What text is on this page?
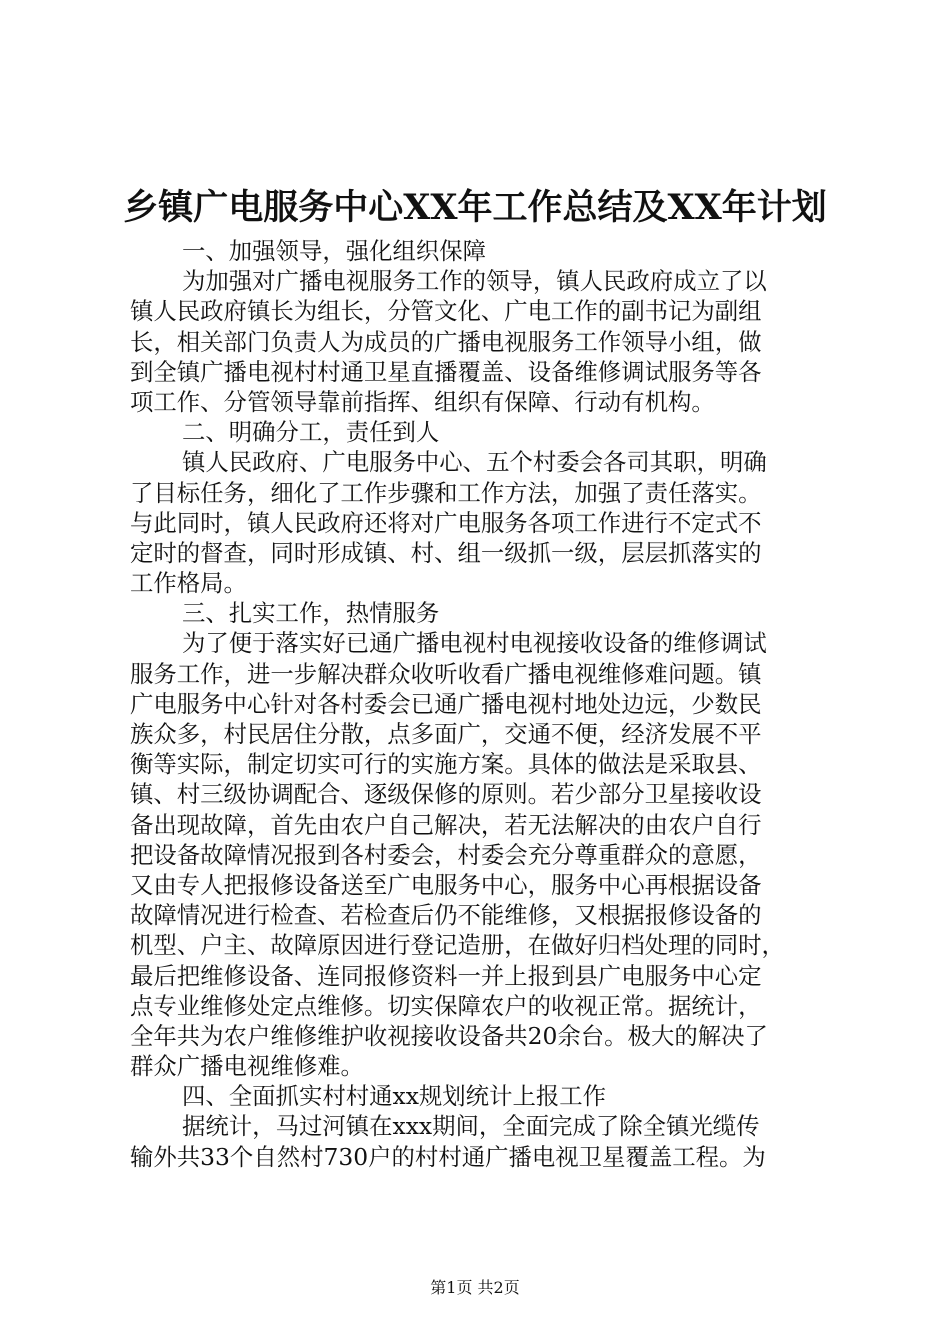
乡镇广电服务中心XX年工作总结及XX年计划
一、加强领导，强化组织保障
为加强对广播电视服务工作的领导，镇人民政府成立了以
镇人民政府镇长为组长，分管文化、广电工作的副书记为副组
长，相关部门负责人为成员的广播电视服务工作领导小组，做
到全镇广播电视村村通卫星直播覆盖、设备维修调试服务等各
项工作、分管领导靠前指挥、组织有保障、行动有机构。
二、明确分工，责任到人
镇人民政府、广电服务中心、五个村委会各司其职，明确
了目标任务，细化了工作步骤和工作方法，加强了责任落实。
与此同时，镇人民政府还将对广电服务各项工作进行不定式不
定时的督查，同时形成镇、村、组一级抓一级，层层抓落实的
工作格局。
三、扎实工作，热情服务
为了便于落实好已通广播电视村电视接收设备的维修调试
服务工作，进一步解决群众收听收看广播电视维修难问题。镇
广电服务中心针对各村委会已通广播电视村地处边远，少数民
族众多，村民居住分散，点多面广，交通不便，经济发展不平
衡等实际，制定切实可行的实施方案。具体的做法是采取县、
镇、村三级协调配合、逐级保修的原则。若少部分卫星接收设
备出现故障，首先由农户自己解决，若无法解决的由农户自行
把设备故障情况报到各村委会，村委会充分尊重群众的意愿，
又由专人把报修设备送至广电服务中心，服务中心再根据设备
故障情况进行检查、若检查后仍不能维修，又根据报修设备的
机型、户主、故障原因进行登记造册，在做好归档处理的同时，
最后把维修设备、连同报修资料一并上报到县广电服务中心定
点专业维修处定点维修。切实保障农户的收视正常。据统计，
全年共为农户维修维护收视接收设备共20余台。极大的解决了
群众广播电视维修难。
四、全面抓实村村通xx规划统计上报工作
据统计，马过河镇在xxx期间，全面完成了除全镇光缆传
输外共33个自然村730户的村村通广播电视卫星覆盖工程。为
第1页 共2页
